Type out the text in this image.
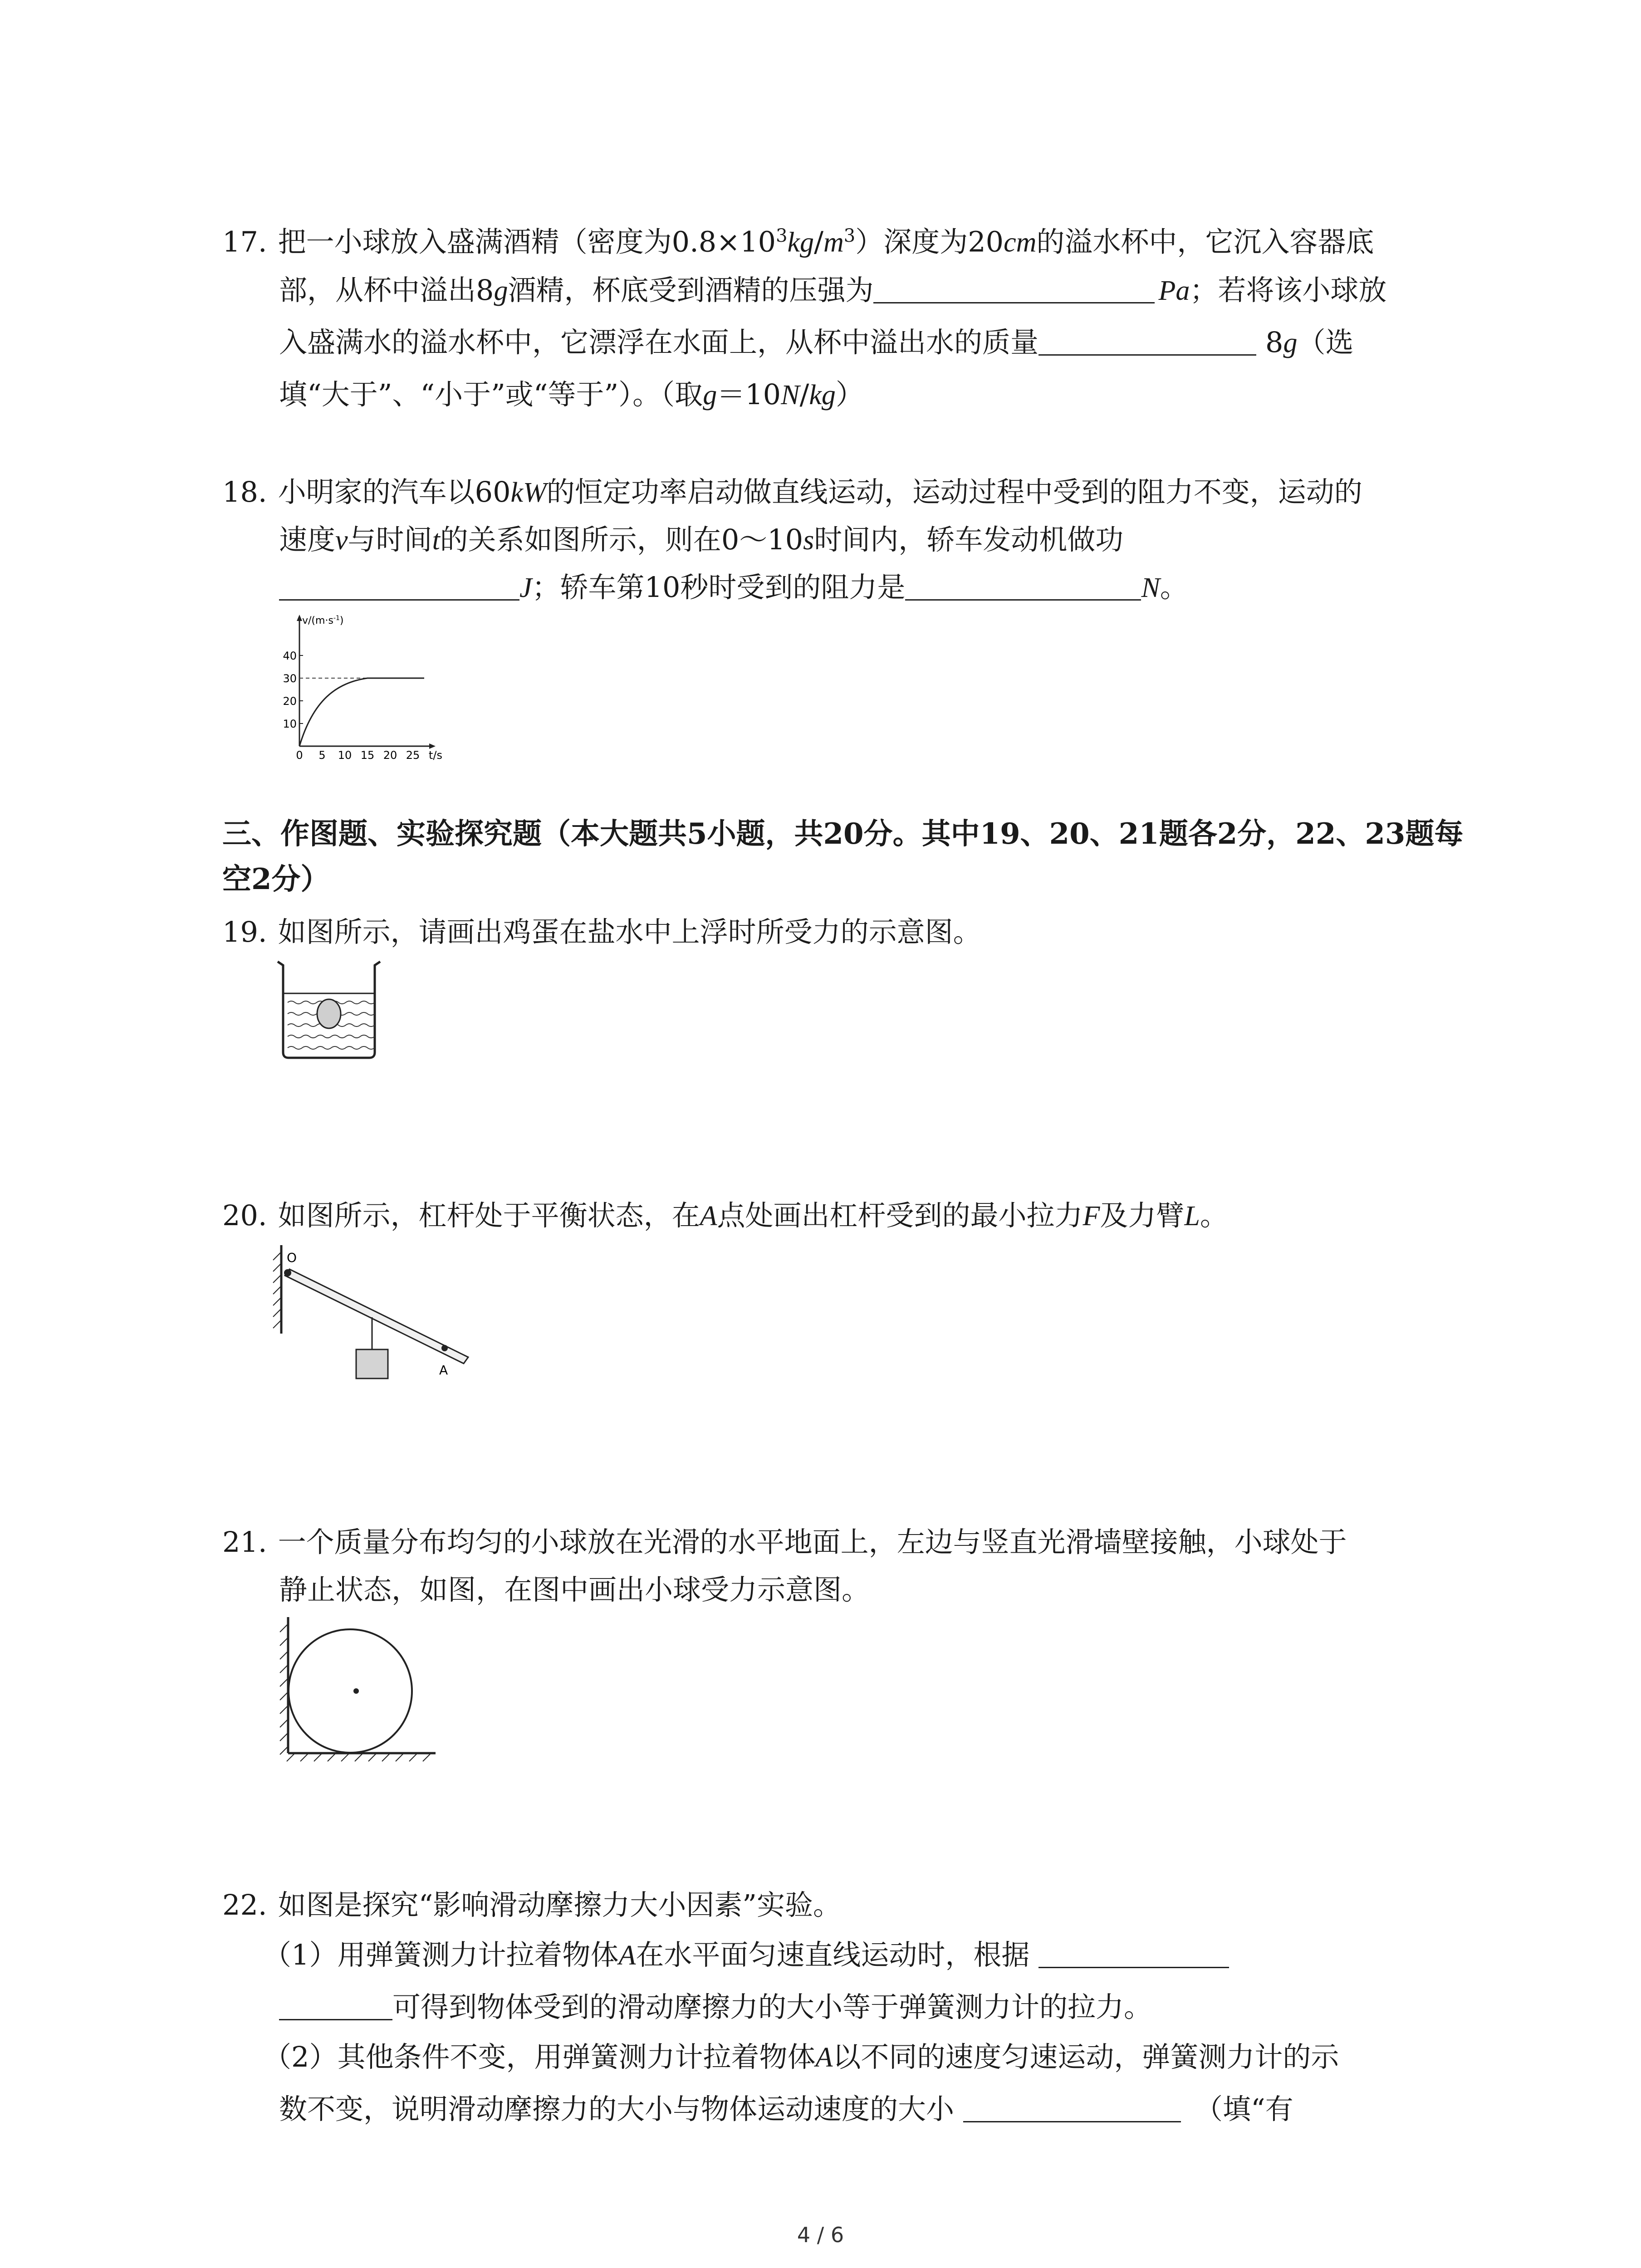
17. 把一小球放入盛满酒精（密度为$0.8\times 10^3kg/m^3$）深度为20cm的溢水杯中，它沉入容器底
部，从杯中溢出8g酒精，杯底受到酒精的压强为	Pa；若将该小球放
入盛满水的溢水杯中，它漂浮在水面上，从杯中溢出水的质量	8g（选
填“大于”、“小于”或“等于”）。（取g＝10N/kg）
18. 小明家的汽车以60kW的恒定功率启动做直线运动，运动过程中受到的阻力不变，运动的
速度v与时间t的关系如图所示，则在0～10s时间内，轿车发动机做功
J；轿车第10秒时受到的阻力是	N。
$v/(m\cdot s^{-1})$
10
20
30
40
0 5 10 15 20 25 t/s
三、作图题、实验探究题（本大题共5小题，共20分。其中19、20、21题各2分，22、23题每
空2分）
19. 如图所示，请画出鸡蛋在盐水中上浮时所受力的示意图。
20. 如图所示，杠杆处于平衡状态，在A点处画出杠杆受到的最小拉力F及力臂L。
O
A
21. 一个质量分布均匀的小球放在光滑的水平地面上，左边与竖直光滑墙壁接触，小球处于
静止状态，如图，在图中画出小球受力示意图。
22. 如图是探究“影响滑动摩擦力大小因素”实验。
（1）用弹簧测力计拉着物体A在水平面匀速直线运动时，根据
可得到物体受到的滑动摩擦力的大小等于弹簧测力计的拉力。
（2）其他条件不变，用弹簧测力计拉着物体A以不同的速度匀速运动，弹簧测力计的示
数不变，说明滑动摩擦力的大小与物体运动速度的大小	（填“有
4 / 6
